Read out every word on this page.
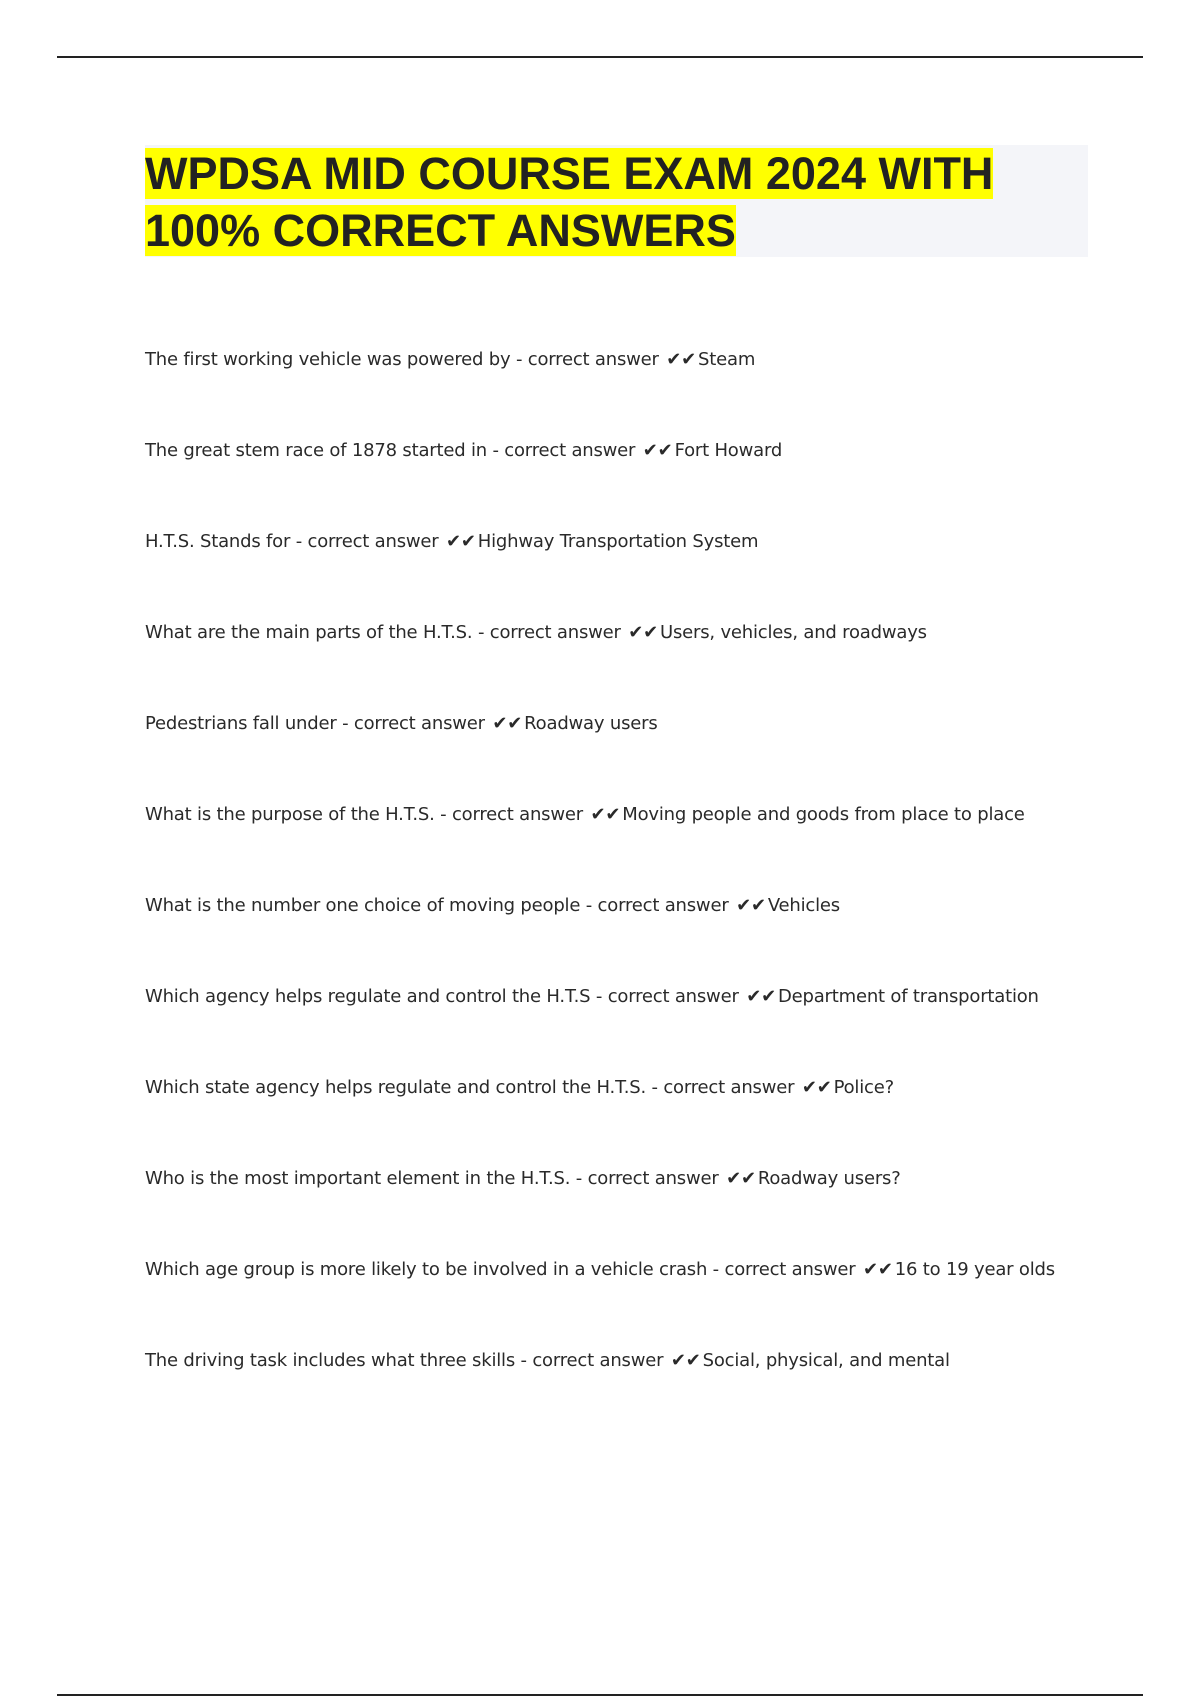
WPDSA MID COURSE EXAM 2024 WITH 100% CORRECT ANSWERS
The first working vehicle was powered by - correct answer ✔✔ Steam
The great stem race of 1878 started in - correct answer ✔✔ Fort Howard
H.T.S. Stands for - correct answer ✔✔ Highway Transportation System
What are the main parts of the H.T.S. - correct answer ✔✔ Users, vehicles, and roadways
Pedestrians fall under - correct answer ✔✔ Roadway users
What is the purpose of the H.T.S. - correct answer ✔✔ Moving people and goods from place to place
What is the number one choice of moving people - correct answer ✔✔ Vehicles
Which agency helps regulate and control the H.T.S - correct answer ✔✔ Department of transportation
Which state agency helps regulate and control the H.T.S. - correct answer ✔✔ Police?
Who is the most important element in the H.T.S. - correct answer ✔✔ Roadway users?
Which age group is more likely to be involved in a vehicle crash - correct answer ✔✔ 16 to 19 year olds
The driving task includes what three skills - correct answer ✔✔ Social, physical, and mental
